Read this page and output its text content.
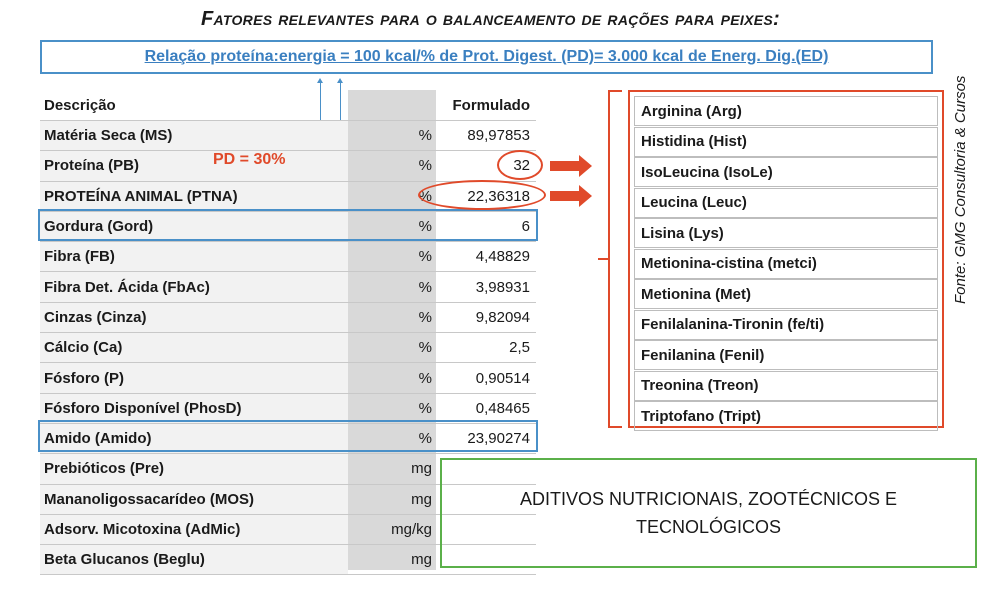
Fatores relevantes para o balanceamento de rações para peixes:
Relação proteína:energia = 100 kcal/% de Prot. Digest. (PD)= 3.000 kcal de Energ. Dig.(ED)
Fonte: GMG Consultoria & Cursos
Descrição		Formulado
Matéria Seca (MS)	%	89,97853
Proteína (PB)	%	32
PROTEÍNA ANIMAL (PTNA)	%	22,36318
Gordura (Gord)	%	6
Fibra (FB)	%	4,48829
Fibra Det. Ácida (FbAc)	%	3,98931
Cinzas (Cinza)	%	9,82094
Cálcio (Ca)	%	2,5
Fósforo (P)	%	0,90514
Fósforo Disponível (PhosD)	%	0,48465
Amido (Amido)	%	23,90274
Prebióticos (Pre)	mg	
Mananoligossacarídeo (MOS)	mg	
Adsorv. Micotoxina (AdMic)	mg/kg	
Beta Glucanos (Beglu)	mg	
PD = 30%
Arginina (Arg)
Histidina (Hist)
IsoLeucina (IsoLe)
Leucina (Leuc)
Lisina (Lys)
Metionina-cistina (metci)
Metionina (Met)
Fenilalanina-Tironin (fe/ti)
Fenilanina (Fenil)
Treonina (Treon)
Triptofano (Tript)
ADITIVOS NUTRICIONAIS, ZOOTÉCNICOS E TECNOLÓGICOS
